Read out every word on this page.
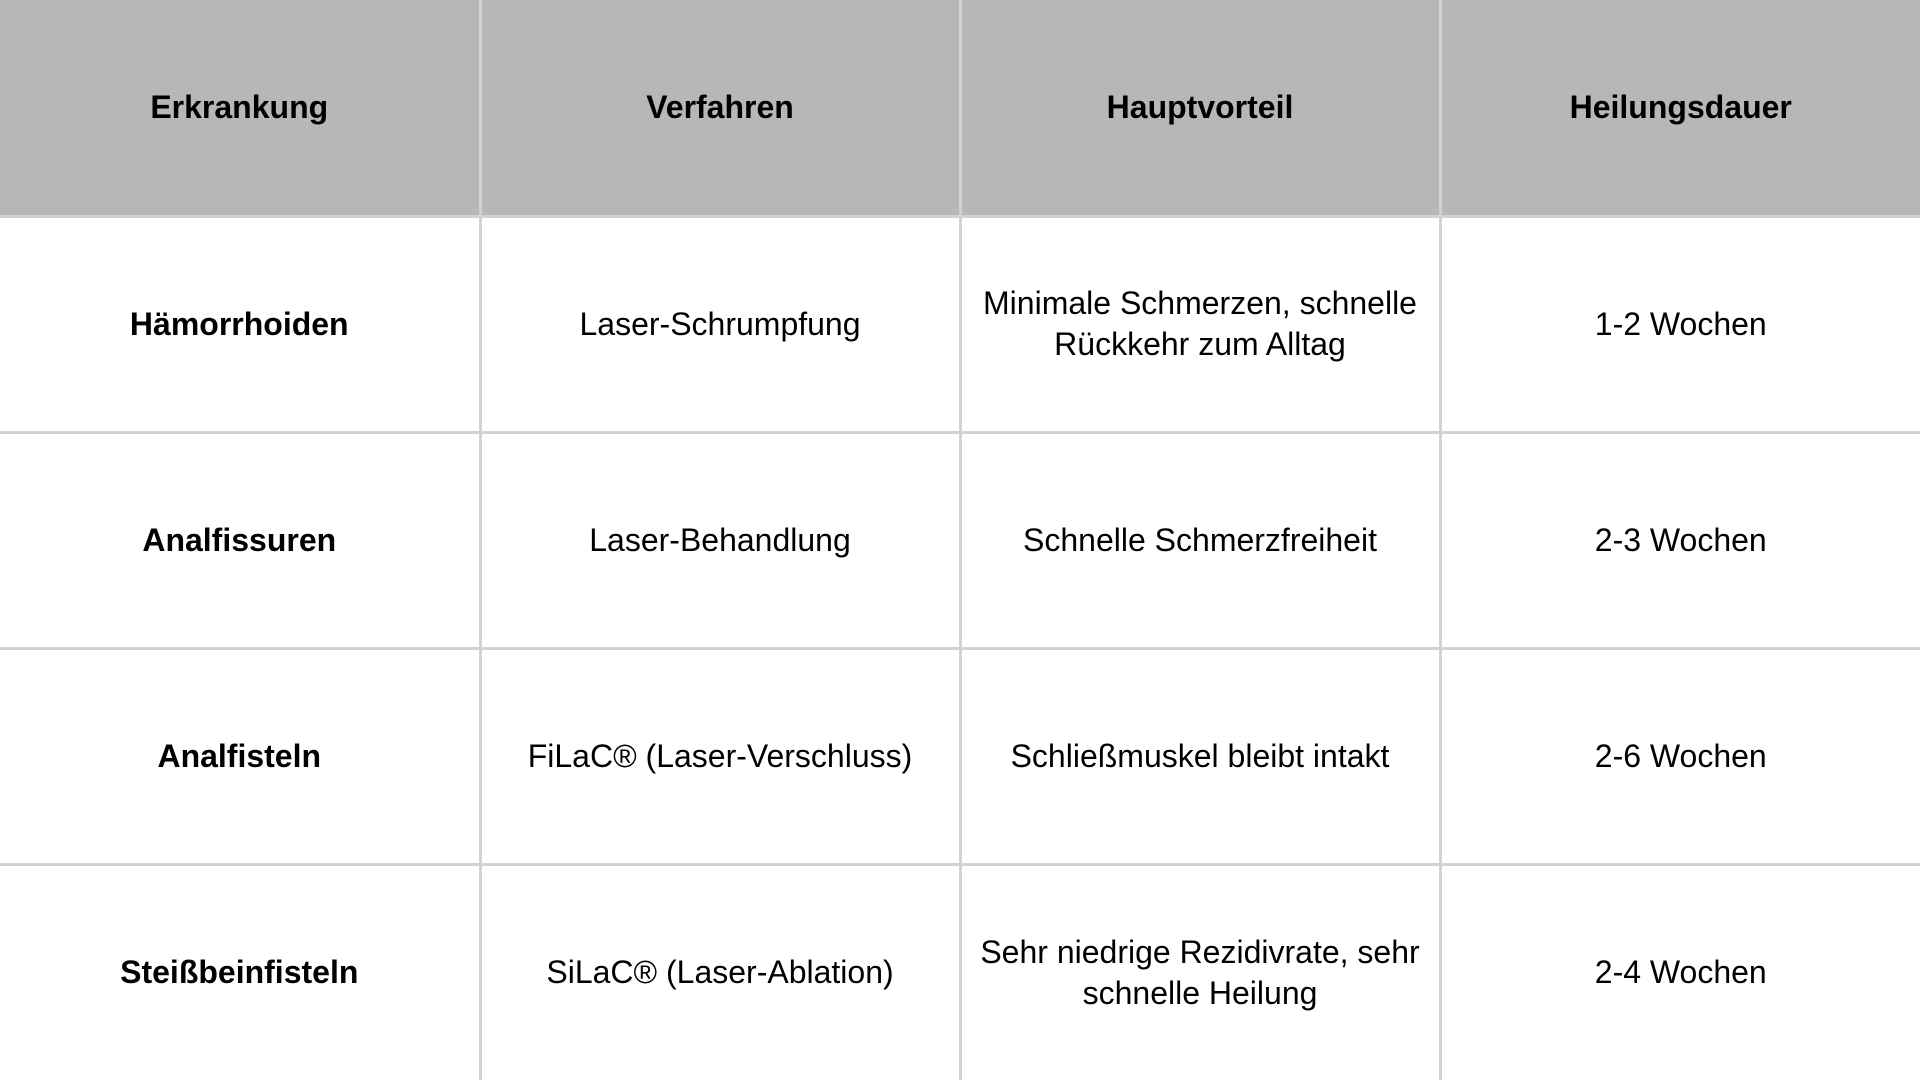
Erkrankung	Verfahren	Hauptvorteil	Heilungsdauer
Hämorrhoiden	Laser-Schrumpfung	Minimale Schmerzen, schnelle Rückkehr zum Alltag	1-2 Wochen
Analfissuren	Laser-Behandlung	Schnelle Schmerzfreiheit	2-3 Wochen
Analfisteln	FiLaC® (Laser-Verschluss)	Schließmuskel bleibt intakt	2-6 Wochen
Steißbeinfisteln	SiLaC® (Laser-Ablation)	Sehr niedrige Rezidivrate, sehr schnelle Heilung	2-4 Wochen
